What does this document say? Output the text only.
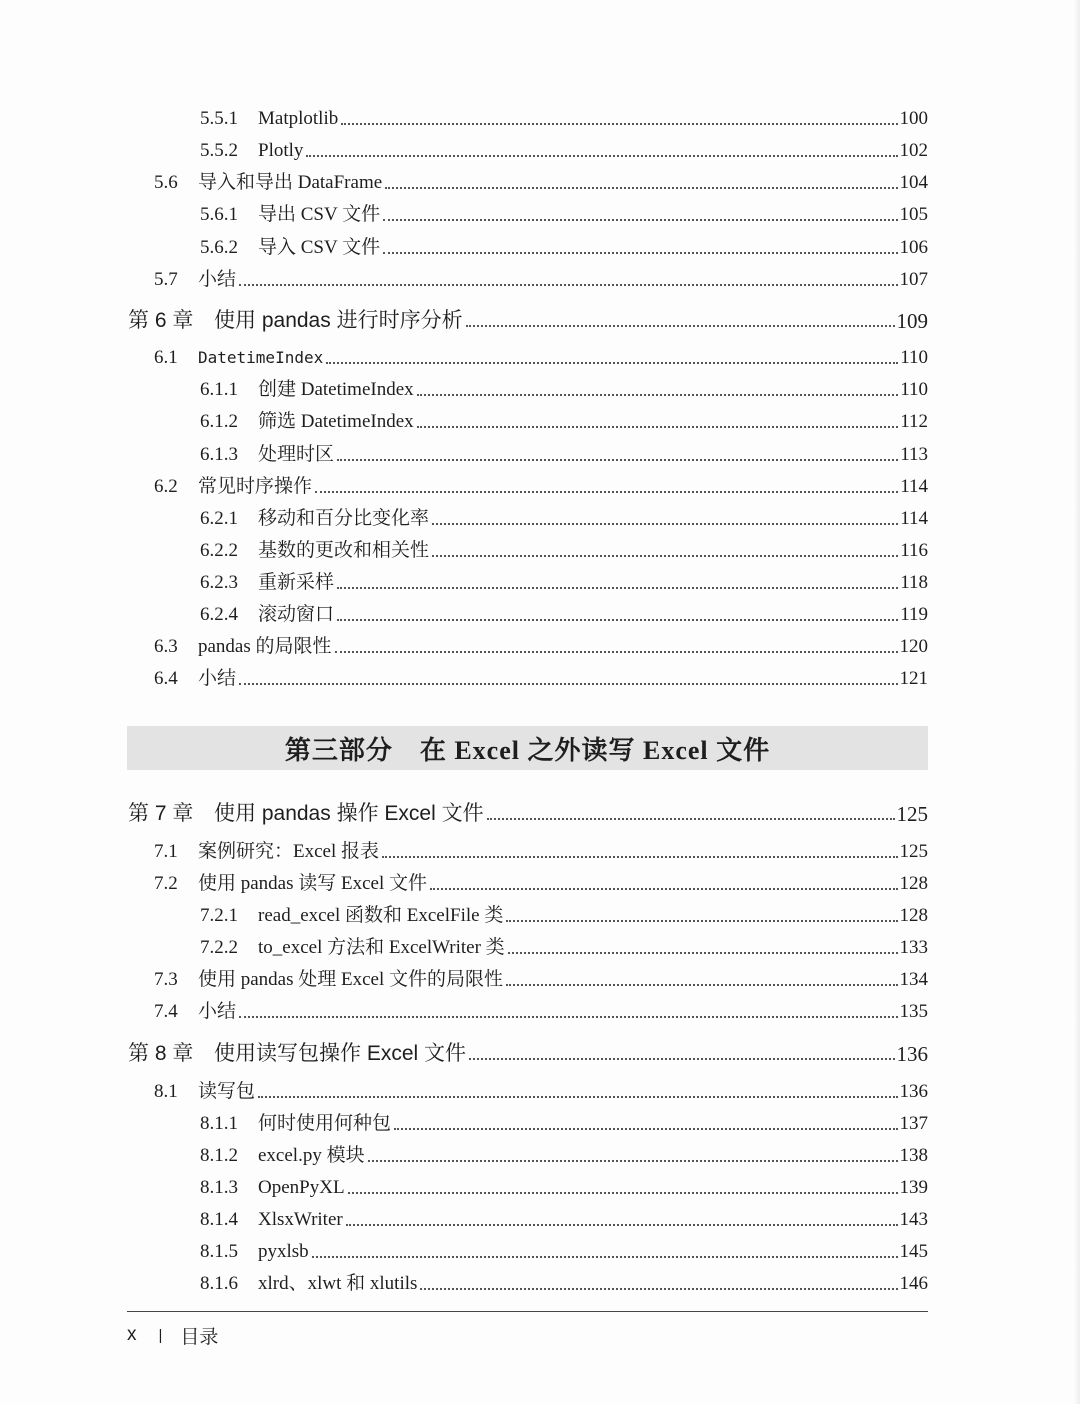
5.5.1	Matplotlib	100
5.5.2	Plotly	102
5.6	导入和导出 DataFrame	104
5.6.1	导出 CSV 文件	105
5.6.2	导入 CSV 文件	106
5.7	小结	107
第 6 章 使用 pandas 进行时序分析	109
6.1	DatetimeIndex	110
6.1.1	创建 DatetimeIndex	110
6.1.2	筛选 DatetimeIndex	112
6.1.3	处理时区	113
6.2	常见时序操作	114
6.2.1	移动和百分比变化率	114
6.2.2	基数的更改和相关性	116
6.2.3	重新采样	118
6.2.4	滚动窗口	119
6.3	pandas 的局限性	120
6.4	小结	121
第 7 章 使用 pandas 操作 Excel 文件	125
7.1	案例研究：Excel 报表	125
7.2	使用 pandas 读写 Excel 文件	128
7.2.1	read_excel 函数和 ExcelFile 类	128
7.2.2	to_excel 方法和 ExcelWriter 类	133
7.3	使用 pandas 处理 Excel 文件的局限性	134
7.4	小结	135
第 8 章 使用读写包操作 Excel 文件	136
8.1	读写包	136
8.1.1	何时使用何种包	137
8.1.2	excel.py 模块	138
8.1.3	OpenPyXL	139
8.1.4	XlsxWriter	143
8.1.5	pyxlsb	145
8.1.6	xlrd、xlwt 和 xlutils	146
第三部分　在 Excel 之外读写 Excel 文件
x | 目录
